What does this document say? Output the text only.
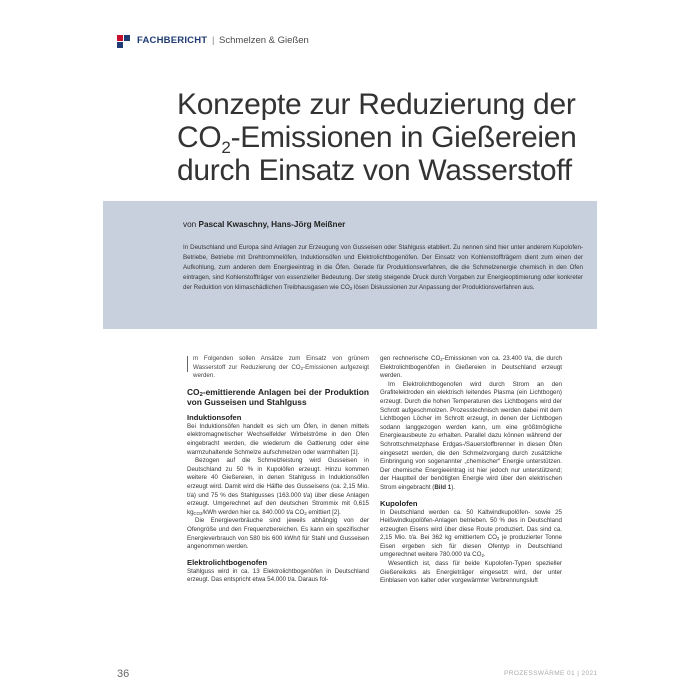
FACHBERICHT | Schmelzen & Gießen
Konzepte zur Reduzierung der
$CO_2$-Emissionen in Gießereien
durch Einsatz von Wasserstoff
von Pascal Kwaschny, Hans-Jörg Meißner

In Deutschland und Europa sind Anlagen zur Erzeugung von Gusseisen oder Stahlguss etabliert. Zu nennen sind hier unter anderem Kupolofen-Betriebe, Betriebe mit Drehtrommelöfen, Induktionsöfen und Elektrolichtbogenöfen. Der Einsatz von Kohlenstoffträgern dient zum einen der Aufkohlung, zum anderen dem Energieeintrag in die Öfen. Gerade für Produktionsverfahren, die die Schmelzenergie chemisch in den Ofen eintragen, sind Kohlenstoffträger von essenzieller Bedeutung. Der stetig steigende Druck durch Vorgaben zur Energieoptimierung oder konkreter der Reduktion von klimaschädlichen Treibhausgasen wie $CO_2$ lösen Diskussionen zur Anpassung der Produktionsverfahren aus.

m Folgenden sollen Ansätze zum Einsatz von grünem Wasserstoff zur Reduzierung der $CO_2$-Emissionen aufgezeigt werden.
$CO_2$-emittierende Anlagen bei der Produktion von Gusseisen und Stahlguss
Induktionsofen

Bei Induktionsöfen handelt es sich um Öfen, in denen mittels elektromagnetischer Wechselfelder Wirbelströme in den Ofen eingebracht werden, die wiederum die Gattierung oder eine warmzuhaltende Schmelze aufschmelzen oder warmhalten [1].

Bezogen auf die Schmelzleistung wird Gusseisen in Deutschland zu 50 % in Kupolöfen erzeugt. Hinzu kommen weitere 40 Gießereien, in denen Stahlguss in Induktionsöfen erzeugt wird. Damit wird die Hälfte des Gusseisens (ca. 2,15 Mio. t/a) und 75 % des Stahlgusses (163.000 t/a) über diese Anlagen erzeugt. Umgerechnet auf den deutschen Strommix mit 0,615 $kg_{CO2}$/kWh werden hier ca. 840.000 t/a $CO_2$ emittiert [2].

Die Energieverbräuche sind jeweils abhängig von der Ofengröße und den Frequenzbereichen. Es kann ein spezifischer Energieverbrauch von 580 bis 600 kWh/t für Stahl und Gusseisen angenommen werden.

Elektrolichtbogenofen

Stahlguss wird in ca. 13 Elektrolichtbogenöfen in Deutschland erzeugt. Das entspricht etwa 54.000 t/a. Daraus fol-

gen rechnerische $CO_2$-Emissionen von ca. 23.400 t/a, die durch Elektrolichtbogenöfen in Gießereien in Deutschland erzeugt werden.

Im Elektrolichtbogenofen wird durch Strom an den Grafitelektroden ein elektrisch leitendes Plasma (ein Lichtbogen) erzeugt. Durch die hohen Temperaturen des Lichtbogens wird der Schrott aufgeschmolzen. Prozesstechnisch werden dabei mit dem Lichtbogen Löcher im Schrott erzeugt, in denen der Lichtbogen sodann langgezogen werden kann, um eine größtmögliche Energieausbeute zu erhalten. Parallel dazu können während der Schrottschmelzphase Erdgas-/Sauerstoffbrenner in diesen Öfen eingesetzt werden, die den Schmelzvorgang durch zusätzliche Einbringung von sogenannter „chemischer“ Energie unterstützen. Der chemische Energieeintrag ist hier jedoch nur unterstützend; der Hauptteil der benötigten Energie wird über den elektrischen Strom eingebracht (Bild 1).

Kupolofen

In Deutschland werden ca. 50 Kaltwindkupolöfen- sowie 25 Heißwindkupolöfen-Anlagen betrieben. 50 % des in Deutschland erzeugten Eisens wird über diese Route produziert. Das sind ca. 2,15 Mio. t/a. Bei 362 kg emittiertem $CO_2$ je produzierter Tonne Eisen ergeben sich für diesen Ofentyp in Deutschland umgerechnet weitere 780.000 t/a $CO_2$.

Wesentlich ist, dass für beide Kupolofen-Typen spezieller Gießereikoks als Energieträger eingesetzt wird, der unter Einblasen von kalter oder vorgewärmter Verbrennungsluft

36	PROZESSWÄRME 01 | 2021
